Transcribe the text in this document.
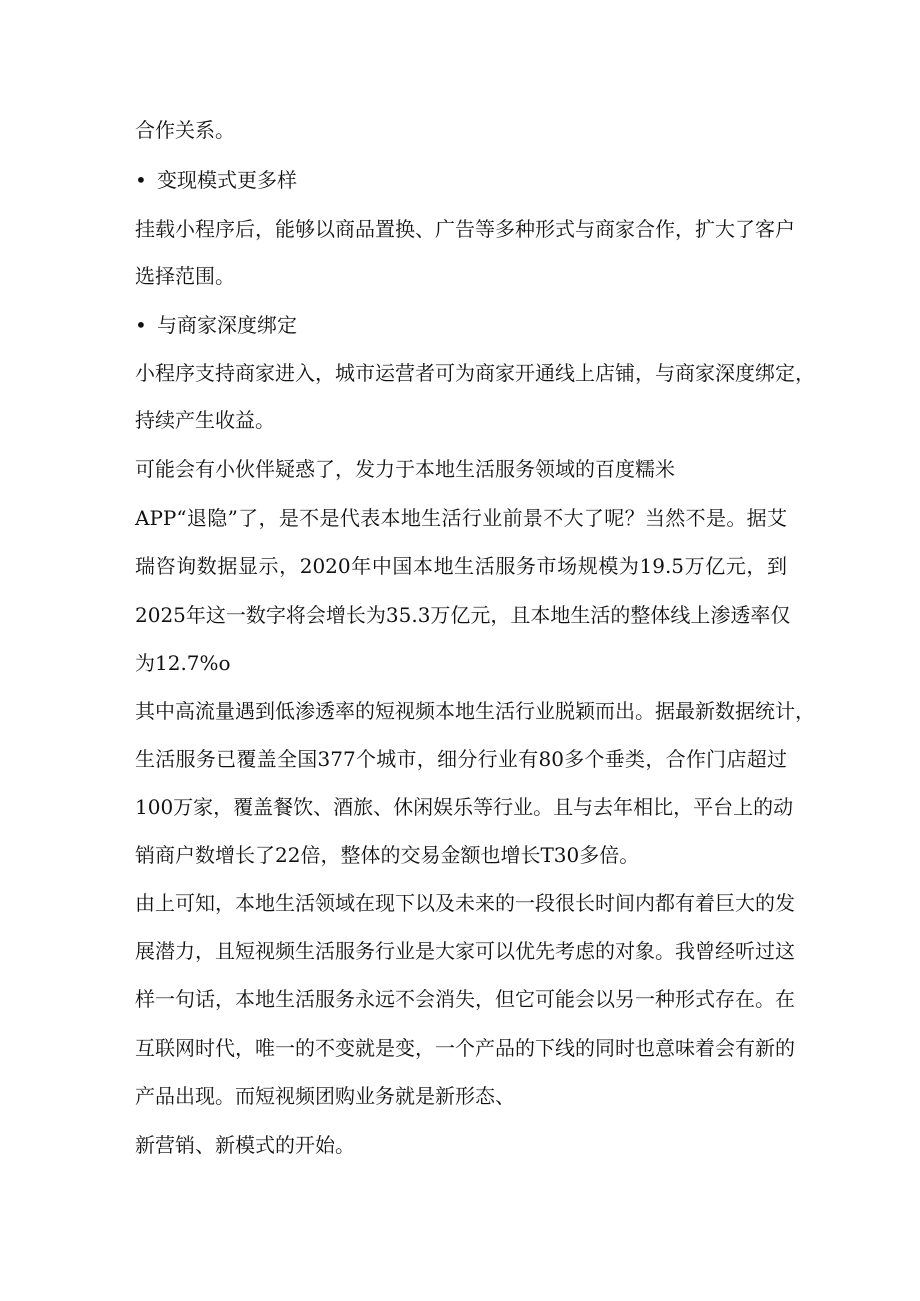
合作关系。
• 变现模式更多样
挂载小程序后，能够以商品置换、广告等多种形式与商家合作，扩大了客户
选择范围。
• 与商家深度绑定
小程序支持商家进入，城市运营者可为商家开通线上店铺，与商家深度绑定，
持续产生收益。
可能会有小伙伴疑惑了，发力于本地生活服务领域的百度糯米
APP“退隐”了，是不是代表本地生活行业前景不大了呢？当然不是。据艾
瑞咨询数据显示，2020年中国本地生活服务市场规模为19.5万亿元，到
2025年这一数字将会增长为35.3万亿元，且本地生活的整体线上渗透率仅
为12.7%o
其中高流量遇到低渗透率的短视频本地生活行业脱颖而出。据最新数据统计，
生活服务已覆盖全国377个城市，细分行业有80多个垂类，合作门店超过
100万家，覆盖餐饮、酒旅、休闲娱乐等行业。且与去年相比，平台上的动
销商户数增长了22倍，整体的交易金额也增长T30多倍。
由上可知，本地生活领域在现下以及未来的一段很长时间内都有着巨大的发
展潜力，且短视频生活服务行业是大家可以优先考虑的对象。我曾经听过这
样一句话，本地生活服务永远不会消失，但它可能会以另一种形式存在。在
互联网时代，唯一的不变就是变，一个产品的下线的同时也意味着会有新的
产品出现。而短视频团购业务就是新形态、
新营销、新模式的开始。
